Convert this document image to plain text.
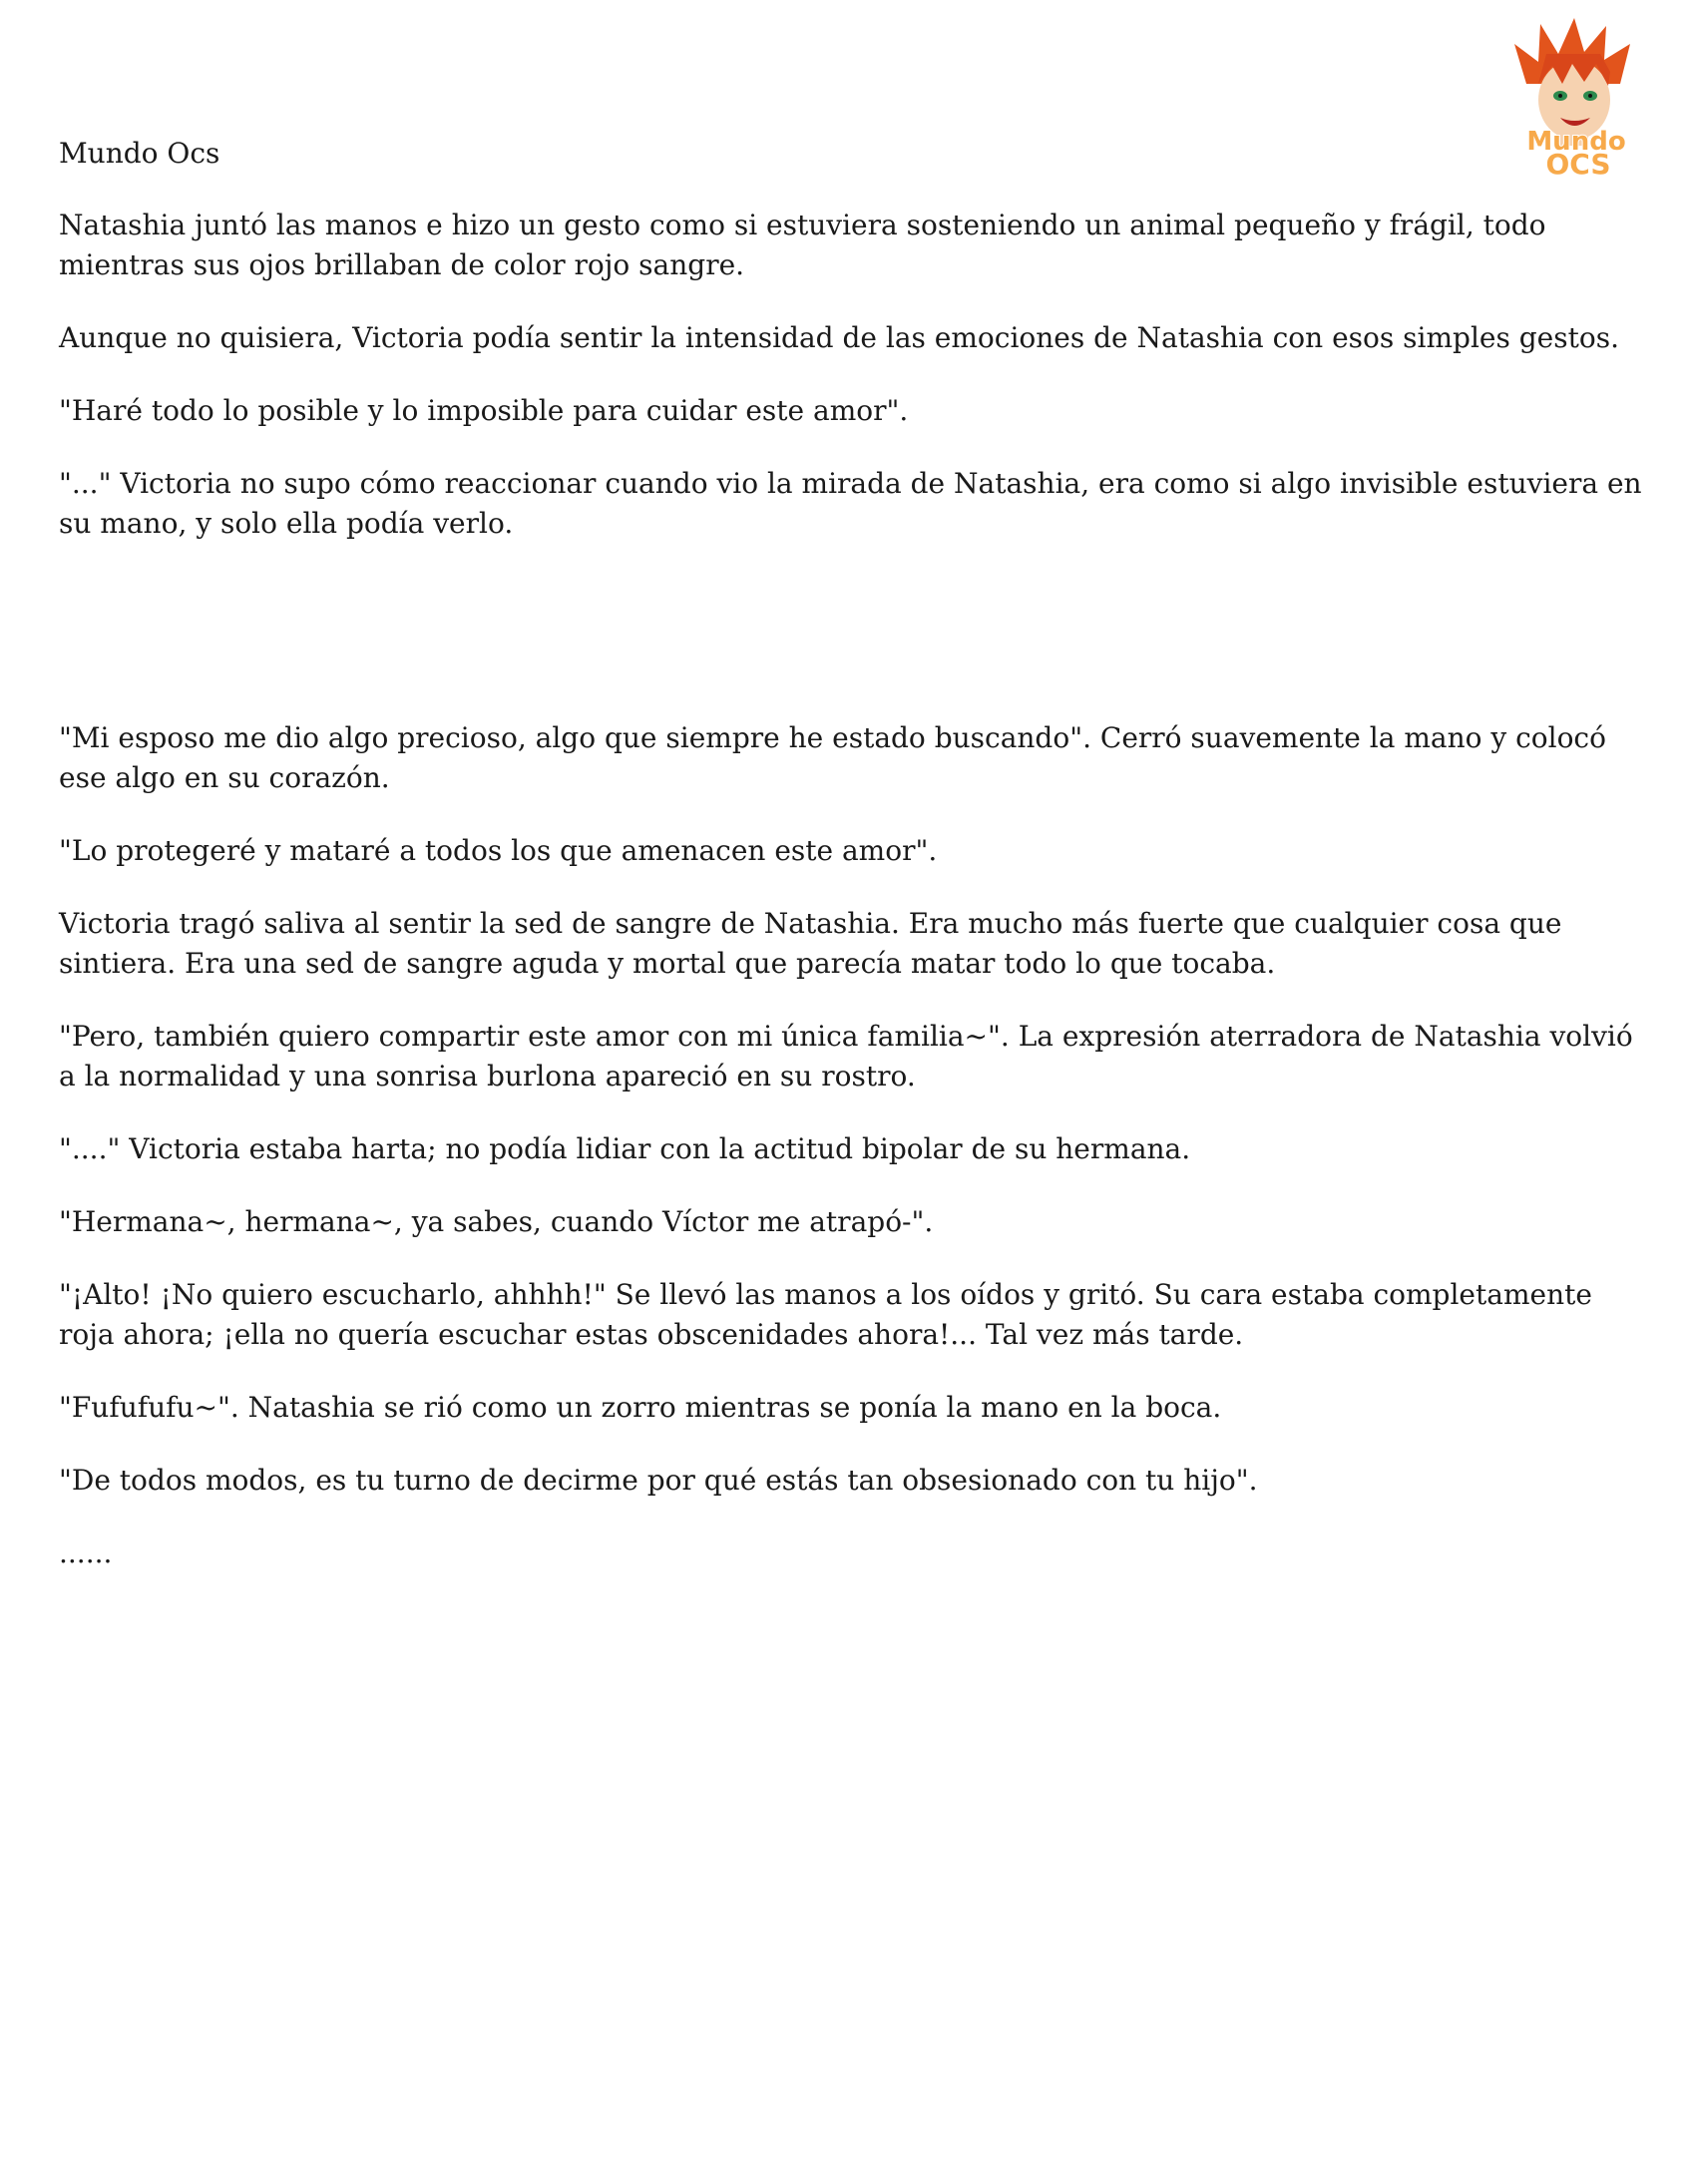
Mundo Ocs	Mundo
OCS

Natashia juntó las manos e hizo un gesto como si estuviera sosteniendo un animal pequeño y frágil, todo mientras sus ojos brillaban de color rojo sangre.

Aunque no quisiera, Victoria podía sentir la intensidad de las emociones de Natashia con esos simples gestos.

"Haré todo lo posible y lo imposible para cuidar este amor".

"..." Victoria no supo cómo reaccionar cuando vio la mirada de Natashia, era como si algo invisible estuviera en su mano, y solo ella podía verlo.

"Mi esposo me dio algo precioso, algo que siempre he estado buscando". Cerró suavemente la mano y colocó ese algo en su corazón.

"Lo protegeré y mataré a todos los que amenacen este amor".

Victoria tragó saliva al sentir la sed de sangre de Natashia. Era mucho más fuerte que cualquier cosa que sintiera. Era una sed de sangre aguda y mortal que parecía matar todo lo que tocaba.

"Pero, también quiero compartir este amor con mi única familia~". La expresión aterradora de Natashia volvió a la normalidad y una sonrisa burlona apareció en su rostro.

"...." Victoria estaba harta; no podía lidiar con la actitud bipolar de su hermana.

"Hermana~, hermana~, ya sabes, cuando Víctor me atrapó-".

"¡Alto! ¡No quiero escucharlo, ahhhh!" Se llevó las manos a los oídos y gritó. Su cara estaba completamente roja ahora; ¡ella no quería escuchar estas obscenidades ahora!... Tal vez más tarde.

"Fufufufu~". Natashia se rió como un zorro mientras se ponía la mano en la boca.

"De todos modos, es tu turno de decirme por qué estás tan obsesionado con tu hijo".

......
